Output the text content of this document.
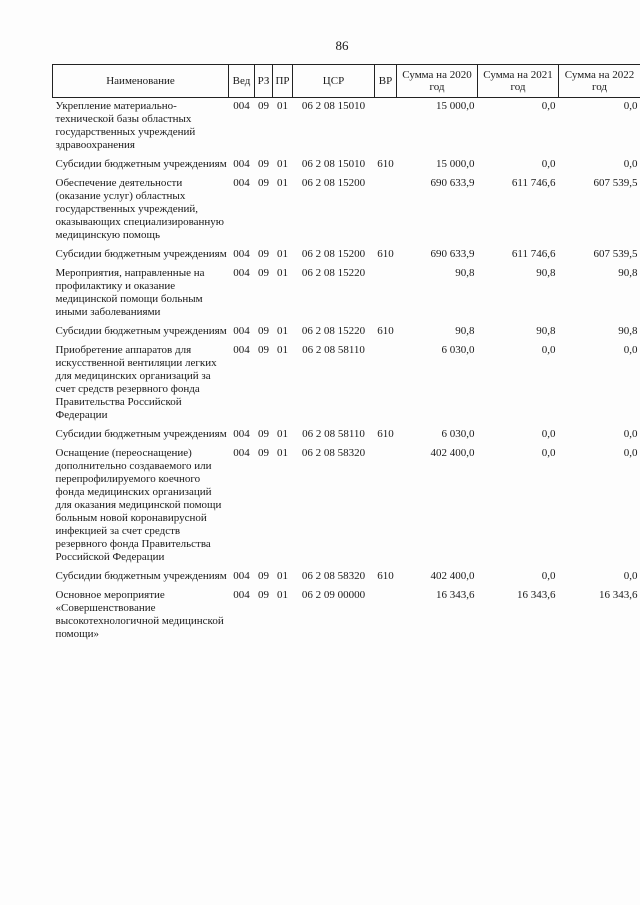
86
Наименование	Вед	РЗ	ПР	ЦСР	ВР	Сумма на 2020 год	Сумма на 2021 год	Сумма на 2022 год
Укрепление материально-технической базы областных государственных учреждений здравоохранения	004	09	01	06 2 08 15010		15 000,0	0,0	0,0
Субсидии бюджетным учреждениям	004	09	01	06 2 08 15010	610	15 000,0	0,0	0,0
Обеспечение деятельности (оказание услуг) областных государственных учреждений, оказывающих специализированную медицинскую помощь	004	09	01	06 2 08 15200		690 633,9	611 746,6	607 539,5
Субсидии бюджетным учреждениям	004	09	01	06 2 08 15200	610	690 633,9	611 746,6	607 539,5
Мероприятия, направленные на профилактику и оказание медицинской помощи больным иными заболеваниями	004	09	01	06 2 08 15220		90,8	90,8	90,8
Субсидии бюджетным учреждениям	004	09	01	06 2 08 15220	610	90,8	90,8	90,8
Приобретение аппаратов для искусственной вентиляции легких для медицинских организаций за счет средств резервного фонда Правительства Российской Федерации	004	09	01	06 2 08 58110		6 030,0	0,0	0,0
Субсидии бюджетным учреждениям	004	09	01	06 2 08 58110	610	6 030,0	0,0	0,0
Оснащение (переоснащение) дополнительно создаваемого или перепрофилируемого коечного фонда медицинских организаций для оказания медицинской помощи больным новой коронавирусной инфекцией за счет средств резервного фонда Правительства Российской Федерации	004	09	01	06 2 08 58320		402 400,0	0,0	0,0
Субсидии бюджетным учреждениям	004	09	01	06 2 08 58320	610	402 400,0	0,0	0,0
Основное мероприятие «Совершенствование высокотехнологичной медицинской помощи»	004	09	01	06 2 09 00000		16 343,6	16 343,6	16 343,6
